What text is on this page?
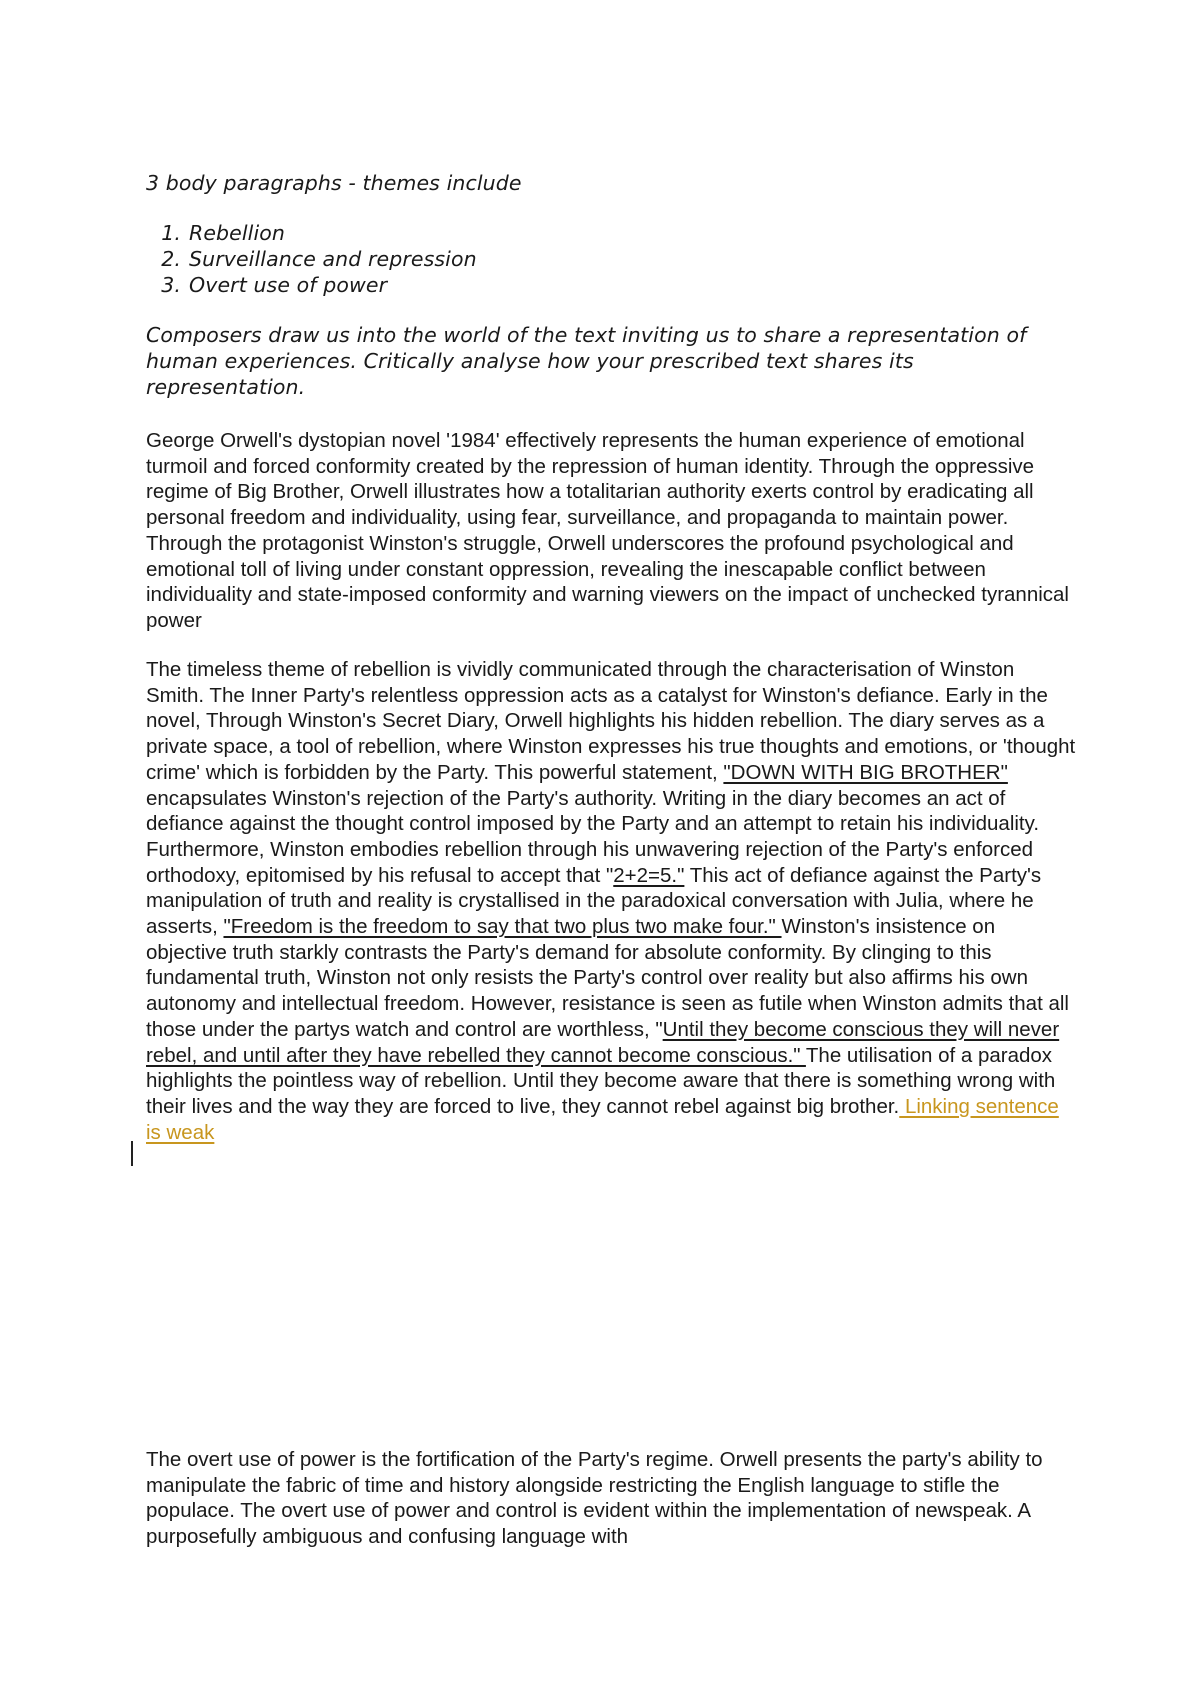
3 body paragraphs - themes include

1. Rebellion
2. Surveillance and repression
3. Overt use of power

Composers draw us into the world of the text inviting us to share a representation of human experiences. Critically analyse how your prescribed text shares its representation.

George Orwell's dystopian novel '1984' effectively represents the human experience of emotional turmoil and forced conformity created by the repression of human identity. Through the oppressive regime of Big Brother, Orwell illustrates how a totalitarian authority exerts control by eradicating all personal freedom and individuality, using fear, surveillance, and propaganda to maintain power. Through the protagonist Winston's struggle, Orwell underscores the profound psychological and emotional toll of living under constant oppression, revealing the inescapable conflict between individuality and state-imposed conformity and warning viewers on the impact of unchecked tyrannical power

The timeless theme of rebellion is vividly communicated through the characterisation of Winston Smith. The Inner Party's relentless oppression acts as a catalyst for Winston's defiance. Early in the novel, Through Winston's Secret Diary, Orwell highlights his hidden rebellion. The diary serves as a private space, a tool of rebellion, where Winston expresses his true thoughts and emotions, or 'thought crime' which is forbidden by the Party. This powerful statement, "DOWN WITH BIG BROTHER" encapsulates Winston's rejection of the Party's authority. Writing in the diary becomes an act of defiance against the thought control imposed by the Party and an attempt to retain his individuality. Furthermore, Winston embodies rebellion through his unwavering rejection of the Party's enforced orthodoxy, epitomised by his refusal to accept that "2+2=5." This act of defiance against the Party's manipulation of truth and reality is crystallised in the paradoxical conversation with Julia, where he asserts, "Freedom is the freedom to say that two plus two make four." Winston's insistence on objective truth starkly contrasts the Party's demand for absolute conformity. By clinging to this fundamental truth, Winston not only resists the Party's control over reality but also affirms his own autonomy and intellectual freedom. However, resistance is seen as futile when Winston admits that all those under the partys watch and control are worthless, "Until they become conscious they will never rebel, and until after they have rebelled they cannot become conscious." The utilisation of a paradox highlights the pointless way of rebellion. Until they become aware that there is something wrong with their lives and the way they are forced to live, they cannot rebel against big brother. Linking sentence is weak

The overt use of power is the fortification of the Party's regime. Orwell presents the party's ability to manipulate the fabric of time and history alongside restricting the English language to stifle the populace. The overt use of power and control is evident within the implementation of newspeak. A purposefully ambiguous and confusing language with
